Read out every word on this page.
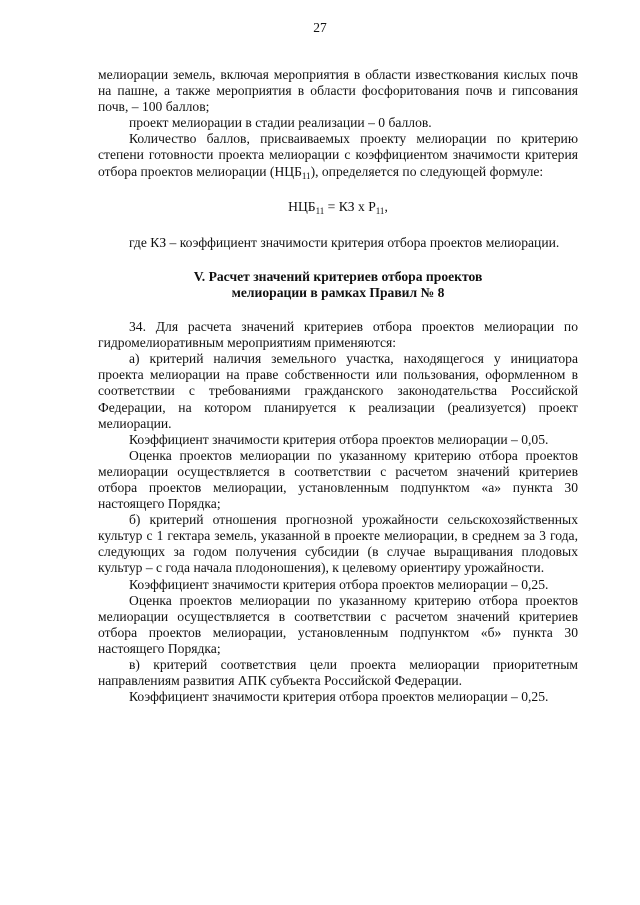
27

мелиорации земель, включая мероприятия в области известкования кислых почв на пашне, а также мероприятия в области фосфоритования почв и гипсования почв, – 100 баллов;

проект мелиорации в стадии реализации – 0 баллов.

Количество баллов, присваиваемых проекту мелиорации по критерию степени готовности проекта мелиорации с коэффициентом значимости критерия отбора проектов мелиорации $(НЦБ_{11})$, определяется по следующей формуле:

$НЦБ_{11}$ = КЗ х $Р_{11}$,

где КЗ – коэффициент значимости критерия отбора проектов мелиорации.

V. Расчет значений критериев отбора проектов
мелиорации в рамках Правил № 8

34. Для расчета значений критериев отбора проектов мелиорации по гидромелиоративным мероприятиям применяются:

а) критерий наличия земельного участка, находящегося у инициатора проекта мелиорации на праве собственности или пользования, оформленном в соответствии с требованиями гражданского законодательства Российской Федерации, на котором планируется к реализации (реализуется) проект мелиорации.

Коэффициент значимости критерия отбора проектов мелиорации – 0,05.

Оценка проектов мелиорации по указанному критерию отбора проектов мелиорации осуществляется в соответствии с расчетом значений критериев отбора проектов мелиорации, установленным подпунктом «а» пункта 30 настоящего Порядка;

б) критерий отношения прогнозной урожайности сельскохозяйственных культур с 1 гектара земель, указанной в проекте мелиорации, в среднем за 3 года, следующих за годом получения субсидии (в случае выращивания плодовых культур – с года начала плодоношения), к целевому ориентиру урожайности.

Коэффициент значимости критерия отбора проектов мелиорации – 0,25.

Оценка проектов мелиорации по указанному критерию отбора проектов мелиорации осуществляется в соответствии с расчетом значений критериев отбора проектов мелиорации, установленным подпунктом «б» пункта 30 настоящего Порядка;

в) критерий соответствия цели проекта мелиорации приоритетным направлениям развития АПК субъекта Российской Федерации.

Коэффициент значимости критерия отбора проектов мелиорации – 0,25.
